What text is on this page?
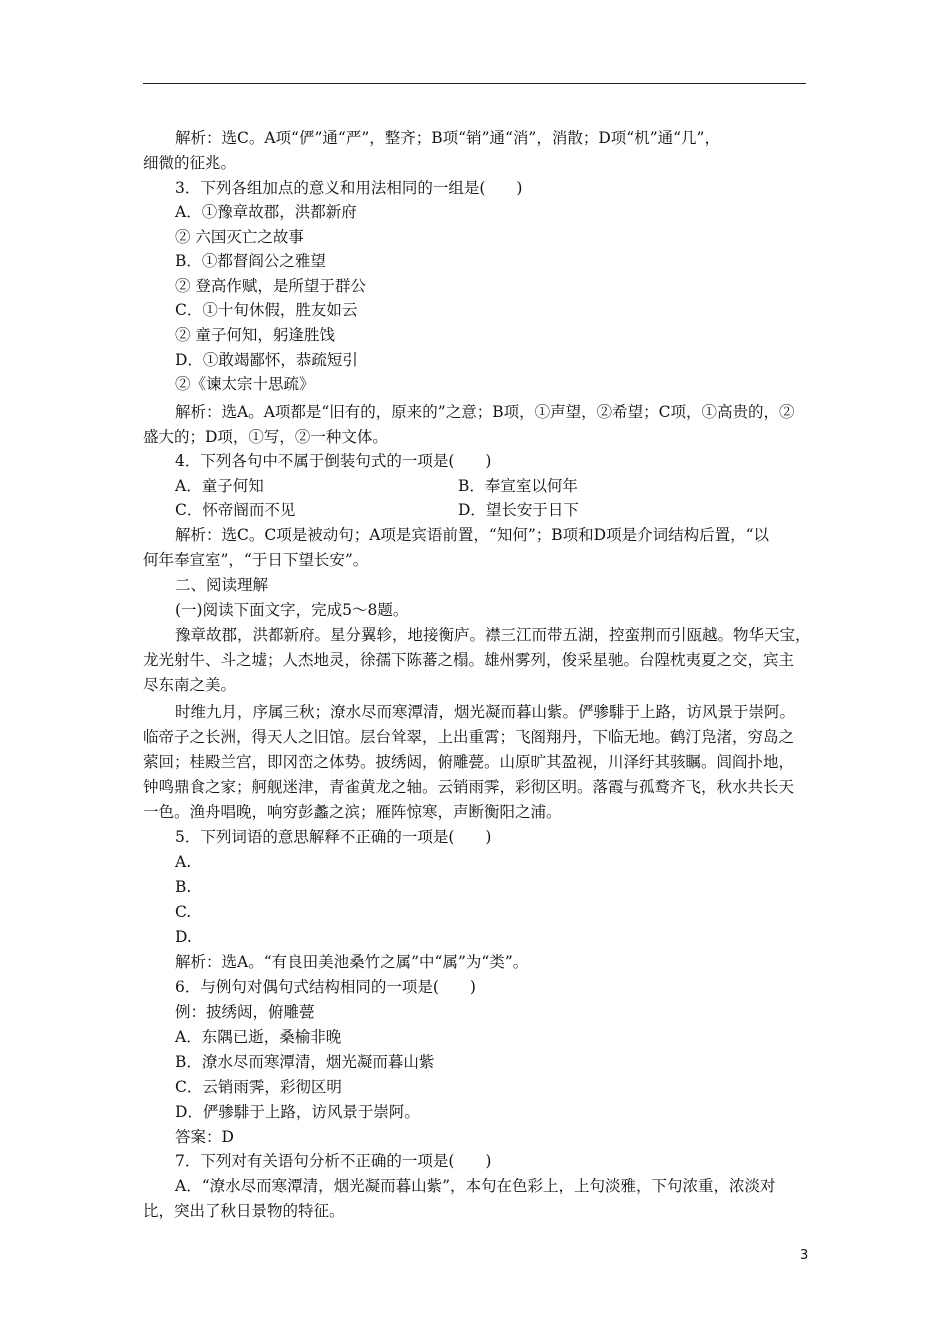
解析：选C。A项“俨”通“严”，整齐；B项“销”通“消”，消散；D项“机”通“几”，
细微的征兆。
3．下列各组加点的意义和用法相同的一组是(　　)
A．①豫章故郡，洪都新府
② 六国灭亡之故事
B．①都督阎公之雅望
② 登高作赋，是所望于群公
C．①十旬休假，胜友如云
② 童子何知，躬逢胜饯
D．①敢竭鄙怀，恭疏短引
②《谏太宗十思疏》
解析：选A。A项都是“旧有的，原来的”之意；B项，①声望，②希望；C项，①高贵的，②
盛大的；D项，①写，②一种文体。
4．下列各句中不属于倒装句式的一项是(　　)
A．童子何知	B．奉宣室以何年
C．怀帝阍而不见	D．望长安于日下
解析：选C。C项是被动句；A项是宾语前置，“知何”；B项和D项是介词结构后置，“以
何年奉宣室”，“于日下望长安”。
二、阅读理解
(一)阅读下面文字，完成5～8题。
豫章故郡，洪都新府。星分翼轸，地接衡庐。襟三江而带五湖，控蛮荆而引瓯越。物华天宝，
龙光射牛、斗之墟；人杰地灵，徐孺下陈蕃之榻。雄州雾列，俊采星驰。台隍枕夷夏之交，宾主
尽东南之美。
时维九月，序属三秋；潦水尽而寒潭清，烟光凝而暮山紫。俨骖騑于上路，访风景于崇阿。
临帝子之长洲，得天人之旧馆。层台耸翠，上出重霄；飞阁翔丹，下临无地。鹤汀凫渚，穷岛之
萦回；桂殿兰宫，即冈峦之体势。披绣闼，俯雕甍。山原旷其盈视，川泽纡其骇瞩。闾阎扑地，
钟鸣鼎食之家；舸舰迷津，青雀黄龙之轴。云销雨霁，彩彻区明。落霞与孤鹜齐飞，秋水共长天
一色。渔舟唱晚，响穷彭蠡之滨；雁阵惊寒，声断衡阳之浦。
5．下列词语的意思解释不正确的一项是(　　)
A.
B.
C.
D.
解析：选A。“有良田美池桑竹之属”中“属”为“类”。
6．与例句对偶句式结构相同的一项是(　　)
例：披绣闼，俯雕甍
A．东隅已逝，桑榆非晚
B．潦水尽而寒潭清，烟光凝而暮山紫
C．云销雨霁，彩彻区明
D．俨骖騑于上路，访风景于崇阿。
答案：D
7．下列对有关语句分析不正确的一项是(　　)
A．“潦水尽而寒潭清，烟光凝而暮山紫”，本句在色彩上，上句淡雅，下句浓重，浓淡对
比，突出了秋日景物的特征。
3
